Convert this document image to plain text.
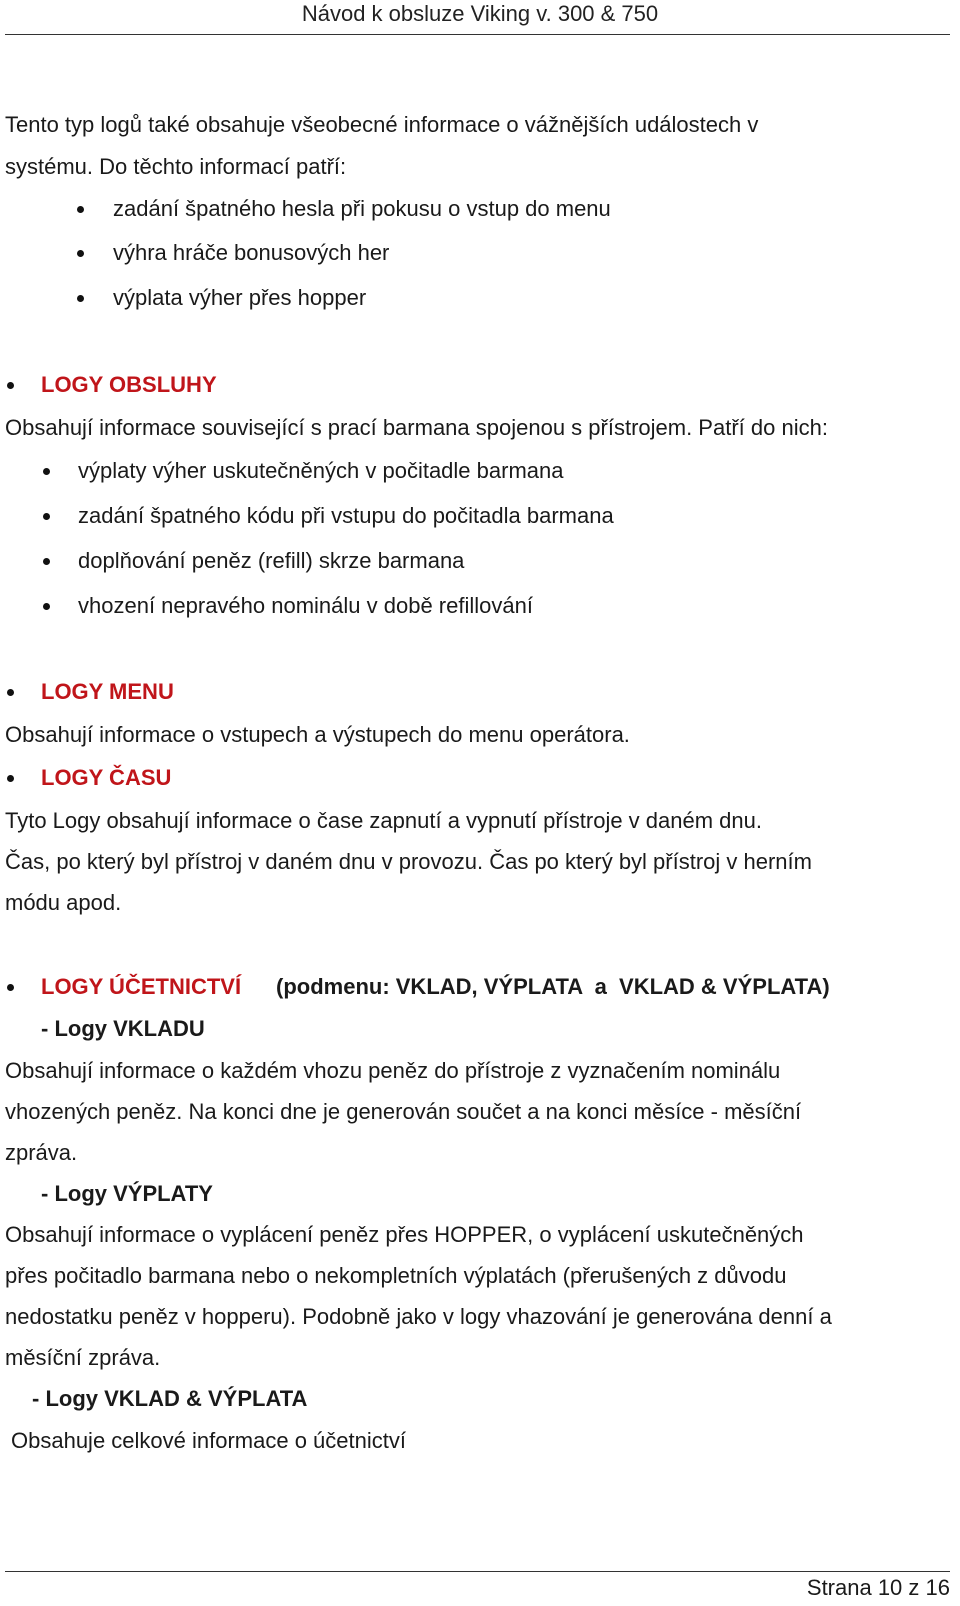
Návod k obsluze Viking v. 300 & 750
Tento typ logů také obsahuje všeobecné informace o vážnějších událostech v
systému. Do těchto informací patří:
zadání špatného hesla při pokusu o vstup do menu
výhra hráče bonusových her
výplata výher přes hopper
LOGY OBSLUHY
Obsahují informace související s prací barmana spojenou s přístrojem. Patří do nich:
výplaty výher uskutečněných v počitadle barmana
zadání špatného kódu při vstupu do počitadla barmana
doplňování peněz (refill) skrze barmana
vhození nepravého nominálu v době refillování
LOGY MENU
Obsahují informace o vstupech a výstupech do menu operátora.
LOGY ČASU
Tyto Logy obsahují informace o čase zapnutí a vypnutí přístroje v daném dnu.
Čas, po který byl přístroj v daném dnu v provozu. Čas po který byl přístroj v herním
módu apod.
LOGY ÚČETNICTVÍ (podmenu: VKLAD, VÝPLATA  a  VKLAD & VÝPLATA)
- Logy VKLADU
Obsahují informace o každém vhozu peněz do přístroje z vyznačením nominálu
vhozených peněz. Na konci dne je generován součet a na konci měsíce - měsíční
zpráva.
- Logy VÝPLATY
Obsahují informace o vyplácení peněz přes HOPPER, o vyplácení uskutečněných
přes počitadlo barmana nebo o nekompletních výplatách (přerušených z důvodu
nedostatku peněz v hopperu). Podobně jako v logy vhazování je generována denní a
měsíční zpráva.
- Logy VKLAD & VÝPLATA
Obsahuje celkové informace o účetnictví
Strana 10 z 16
